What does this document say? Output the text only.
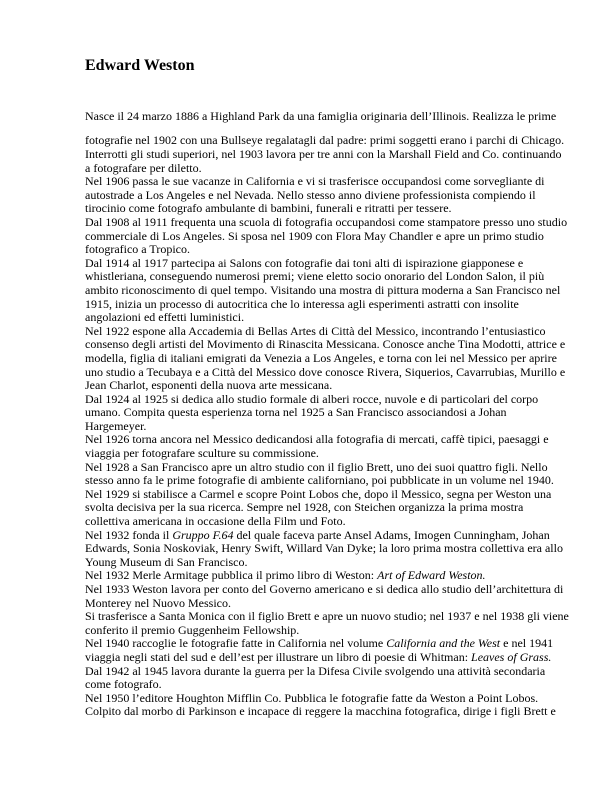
Edward Weston

Nasce il 24 marzo 1886 a Highland Park da una famiglia originaria dell’Illinois. Realizza le prime

fotografie nel 1902 con una Bullseye regalatagli dal padre: primi soggetti erano i parchi di Chicago.

Interrotti gli studi superiori, nel 1903 lavora per tre anni con la Marshall Field and Co. continuando

a fotografare per diletto.

Nel 1906 passa le sue vacanze in California e vi si trasferisce occupandosi come sorvegliante di

autostrade a Los Angeles e nel Nevada. Nello stesso anno diviene professionista compiendo il

tirocinio come fotografo ambulante di bambini, funerali e ritratti per tessere.

Dal 1908 al 1911 frequenta una scuola di fotografia occupandosi come stampatore presso uno studio

commerciale di Los Angeles. Si sposa nel 1909 con Flora May Chandler e apre un primo studio

fotografico a Tropico.

Dal 1914 al 1917 partecipa ai Salons con fotografie dai toni alti di ispirazione giapponese e

whistleriana, conseguendo numerosi premi; viene eletto socio onorario del London Salon, il più

ambito riconoscimento di quel tempo. Visitando una mostra di pittura moderna a San Francisco nel

1915, inizia un processo di autocritica che lo interessa agli esperimenti astratti con insolite

angolazioni ed effetti luministici.

Nel 1922 espone alla Accademia di Bellas Artes di Città del Messico, incontrando l’entusiastico

consenso degli artisti del Movimento di Rinascita Messicana. Conosce anche Tina Modotti, attrice e

modella, figlia di italiani emigrati da Venezia a Los Angeles, e torna con lei nel Messico per aprire

uno studio a Tecubaya e a Città del Messico dove conosce Rivera, Siquerios, Cavarrubias, Murillo e

Jean Charlot, esponenti della nuova arte messicana.

Dal 1924 al 1925 si dedica allo studio formale di alberi rocce, nuvole e di particolari del corpo

umano. Compita questa esperienza torna nel 1925 a San Francisco associandosi a Johan

Hargemeyer.

Nel 1926 torna ancora nel Messico dedicandosi alla fotografia di mercati, caffè tipici, paesaggi e

viaggia per fotografare sculture su commissione.

Nel 1928 a San Francisco apre un altro studio con il figlio Brett, uno dei suoi quattro figli. Nello

stesso anno fa le prime fotografie di ambiente californiano, poi pubblicate in un volume nel 1940.

Nel 1929 si stabilisce a Carmel e scopre Point Lobos che, dopo il Messico, segna per Weston una

svolta decisiva per la sua ricerca. Sempre nel 1928, con Steichen organizza la prima mostra

collettiva americana in occasione della Film und Foto.

Nel 1932 fonda il Gruppo F.64 del quale faceva parte Ansel Adams, Imogen Cunningham, Johan

Edwards, Sonia Noskoviak, Henry Swift, Willard Van Dyke; la loro prima mostra collettiva era allo

Young Museum di San Francisco.

Nel 1932 Merle Armitage pubblica il primo libro di Weston: Art of Edward Weston.

Nel 1933 Weston lavora per conto del Governo americano e si dedica allo studio dell’architettura di

Monterey nel Nuovo Messico.

Si trasferisce a Santa Monica con il figlio Brett e apre un nuovo studio; nel 1937 e nel 1938 gli viene

conferito il premio Guggenheim Fellowship.

Nel 1940 raccoglie le fotografie fatte in California nel volume California and the West e nel 1941

viaggia negli stati del sud e dell’est per illustrare un libro di poesie di Whitman: Leaves of Grass.

Dal 1942 al 1945 lavora durante la guerra per la Difesa Civile svolgendo una attività secondaria

come fotografo.

Nel 1950 l’editore Houghton Mifflin Co. Pubblica le fotografie fatte da Weston a Point Lobos.

Colpito dal morbo di Parkinson e incapace di reggere la macchina fotografica, dirige i figli Brett e
